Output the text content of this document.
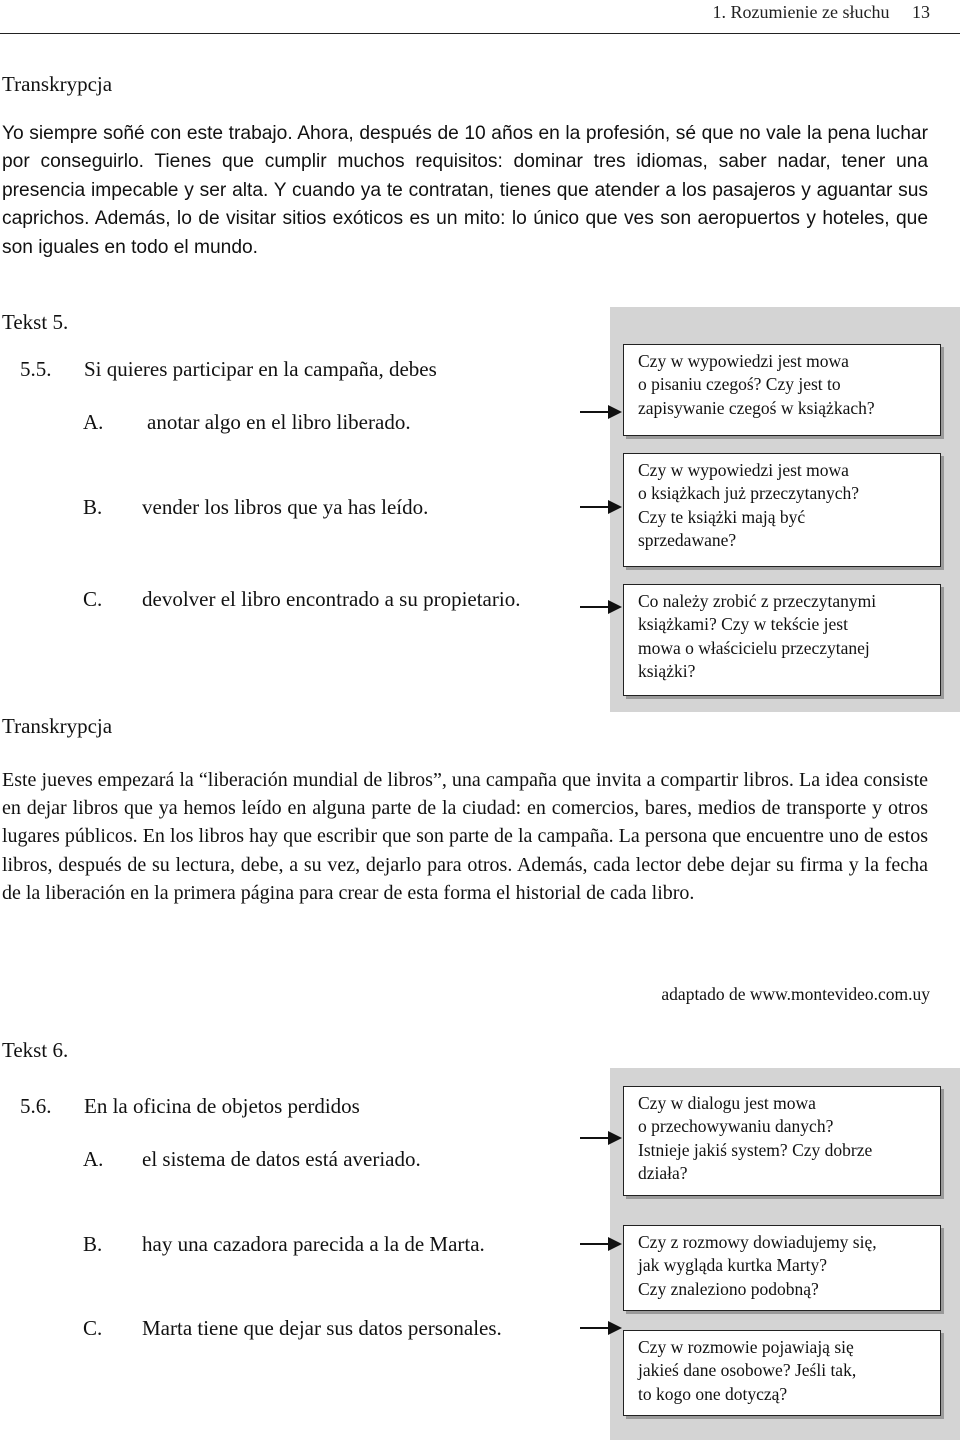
1. Rozumienie ze słuchu 13
Transkrypcja
Yo siempre soñé con este trabajo. Ahora, después de 10 años en la profesión, sé que no vale la pena luchar por conseguirlo. Tienes que cumplir muchos requisitos: dominar tres idiomas, saber nadar, tener una presencia impecable y ser alta. Y cuando ya te contratan, tienes que atender a los pasajeros y aguantar sus caprichos. Además, lo de visitar sitios exóticos es un mito: lo único que ves son aeropuertos y hoteles, que son iguales en todo el mundo.
Tekst 5.
5.5. Si quieres participar en la campaña, debes
A. anotar algo en el libro liberado.
B. vender los libros que ya has leído.
C. devolver el libro encontrado a su propietario.
Czy w wypowiedzi jest mowa
o pisaniu czegoś? Czy jest to
zapisywanie czegoś w książkach?
Czy w wypowiedzi jest mowa
o książkach już przeczytanych?
Czy te książki mają być
sprzedawane?
Co należy zrobić z przeczytanymi
książkami? Czy w tekście jest
mowa o właścicielu przeczytanej
książki?
Transkrypcja
Este jueves empezará la “liberación mundial de libros”, una campaña que invita a compartir libros. La idea consiste en dejar libros que ya hemos leído en alguna parte de la ciudad: en comercios, bares, medios de transporte y otros lugares públicos. En los libros hay que escribir que son parte de la campaña. La persona que encuentre uno de estos libros, después de su lectura, debe, a su vez, dejarlo para otros. Además, cada lector debe dejar su firma y la fecha de la liberación en la primera página para crear de esta forma el historial de cada libro.
adaptado de www.montevideo.com.uy
Tekst 6.
5.6. En la oficina de objetos perdidos
A. el sistema de datos está averiado.
B. hay una cazadora parecida a la de Marta.
C. Marta tiene que dejar sus datos personales.
Czy w dialogu jest mowa
o przechowywaniu danych?
Istnieje jakiś system? Czy dobrze
działa?
Czy z rozmowy dowiadujemy się,
jak wygląda kurtka Marty?
Czy znaleziono podobną?
Czy w rozmowie pojawiają się
jakieś dane osobowe? Jeśli tak,
to kogo one dotyczą?
